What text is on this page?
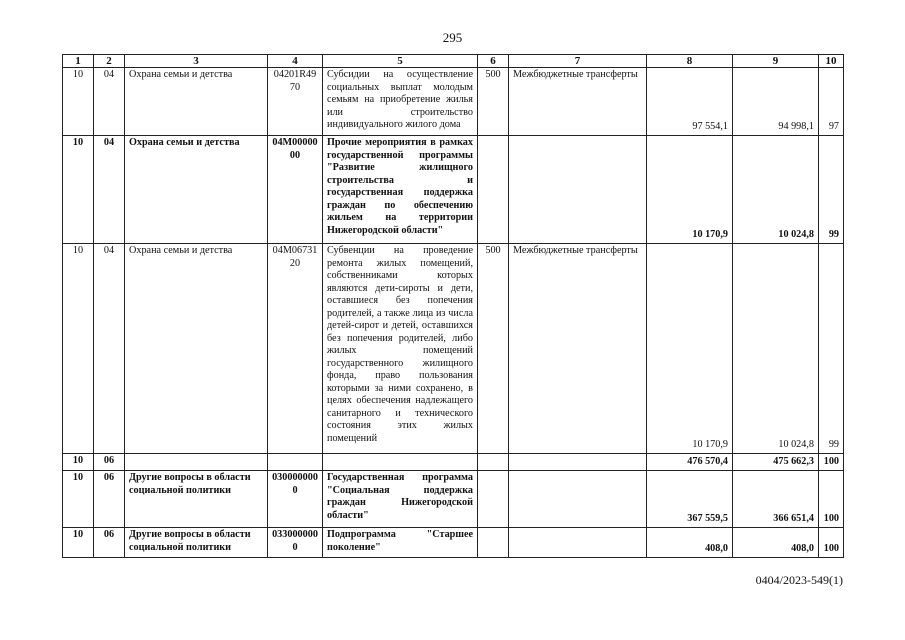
295
1	2	3	4	5	6	7	8	9	10
10	04	Охрана семьи и детства	04201R4970	Субсидии на осуществление социальных выплат молодым семьям на приобретение жилья или строительство индивидуального жилого дома	500	Межбюджетные трансферты	97 554,1	94 998,1	97
10	04	Охрана семьи и детства	04М0000000	Прочие мероприятия в рамках государственной программы "Развитие жилищного строительства и государственная поддержка граждан по обеспечению жильем на территории Нижегородской области"			10 170,9	10 024,8	99
10	04	Охрана семьи и детства	04М0673120	Субвенции на проведение ремонта жилых помещений, собственниками которых являются дети-сироты и дети, оставшиеся без попечения родителей, а также лица из числа детей-сирот и детей, оставшихся без попечения родителей, либо жилых помещений государственного жилищного фонда, право пользования которыми за ними сохранено, в целях обеспечения надлежащего санитарного и технического состояния этих жилых помещений	500	Межбюджетные трансферты	10 170,9	10 024,8	99
10	06						476 570,4	475 662,3	100
10	06	Другие вопросы в области социальной политики	0300000000	Государственная программа "Социальная поддержка граждан Нижегородской области"			367 559,5	366 651,4	100
10	06	Другие вопросы в области социальной политики	0330000000	Подпрограмма "Старшее поколение"			408,0	408,0	100
0404/2023-549(1)
